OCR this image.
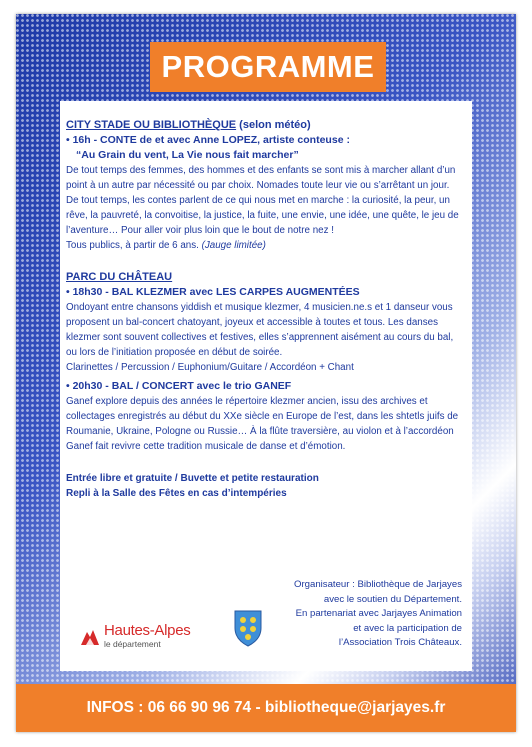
PROGRAMME
CITY STADE OU BIBLIOTHÈQUE (selon météo)
• 16h - CONTE de et avec Anne LOPEZ, artiste conteuse :
“Au Grain du vent, La Vie nous fait marcher”

De tout temps des femmes, des hommes et des enfants se sont mis à marcher allant d’un point à un autre par nécessité ou par choix. Nomades toute leur vie ou s’arrêtant un jour.

De tout temps, les contes parlent de ce qui nous met en marche : la curiosité, la peur, un rêve, la pauvreté, la convoitise, la justice, la fuite, une envie, une idée, une quête, le jeu de l’aventure… Pour aller voir plus loin que le bout de notre nez !

Tous publics, à partir de 6 ans. (Jauge limitée)

PARC DU CHÂTEAU
• 18h30 - BAL KLEZMER avec LES CARPES AUGMENTÉES

Ondoyant entre chansons yiddish et musique klezmer, 4 musicien.ne.s et 1 danseur vous proposent un bal-concert chatoyant, joyeux et accessible à toutes et tous. Les danses klezmer sont souvent collectives et festives, elles s’apprennent aisément au cours du bal, ou lors de l’initiation proposée en début de soirée.

Clarinettes / Percussion / Euphonium/Guitare / Accordéon + Chant

• 20h30 - BAL / CONCERT avec le trio GANEF

Ganef explore depuis des années le répertoire klezmer ancien, issu des archives et collectages enregistrés au début du XXe siècle en Europe de l’est, dans les shtetls juifs de Roumanie, Ukraine, Pologne ou Russie… À la flûte traversière, au violon et à l’accordéon Ganef fait revivre cette tradition musicale de danse et d’émotion.

Entrée libre et gratuite / Buvette et petite restauration
Repli à la Salle des Fêtes en cas d’intempéries
Hautes-Alpes
le département
Organisateur : Bibliothèque de Jarjayes
avec le soutien du Département.
En partenariat avec Jarjayes Animation
et avec la participation de
l’Association Trois Châteaux.
INFOS : 06 66 90 96 74 - bibliotheque@jarjayes.fr
